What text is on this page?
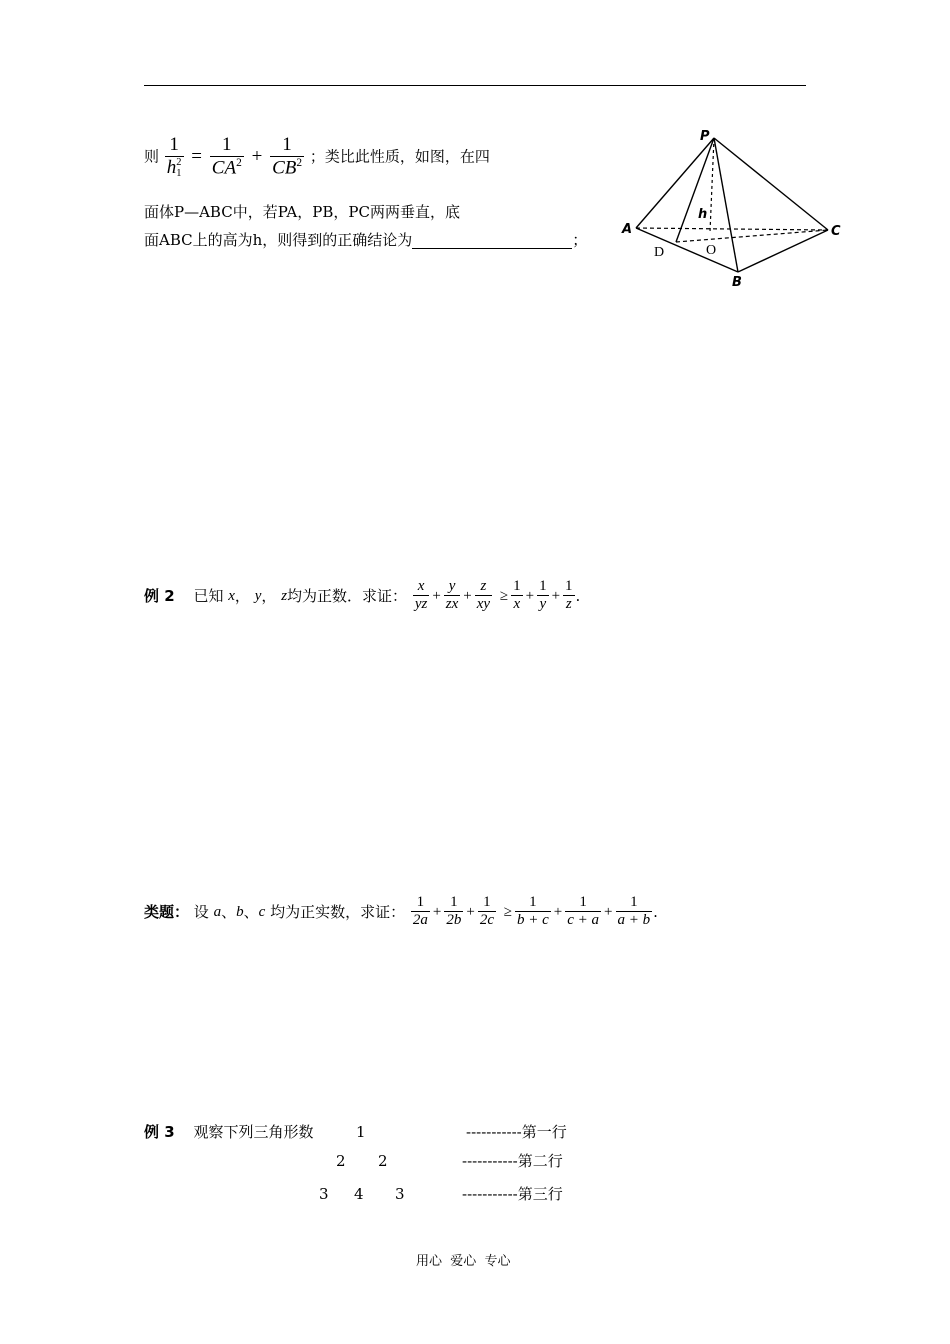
则 1
h 2
$1 = \frac{1}{CA^2} + \frac{1}{CB^2}$ ；类比此性质，如图，在四
面体P—ABC中，若PA，PB，PC两两垂直，底
面ABC上的高为h，则得到的正确结论为	；
P
A
B
C
D	O
h
例 2 已知 x， y， z均为正数．求证： $\frac{x}{yz} + \frac{y}{zx} + \frac{z}{xy} \ge \frac{1}{x} + \frac{1}{y} + \frac{1}{z}$ .
类题： 设 a、b、c 均为正实数，求证： $\frac{1}{2a} + \frac{1}{2b} + \frac{1}{2c} \ge \frac{1}{b + c} + \frac{1}{c + a} + \frac{1}{a + b}$ .
例 3 观察下列三角形数	1	-----------第一行
2 2	-----------第二行
3 4 3	-----------第三行
用心  爱心  专心
